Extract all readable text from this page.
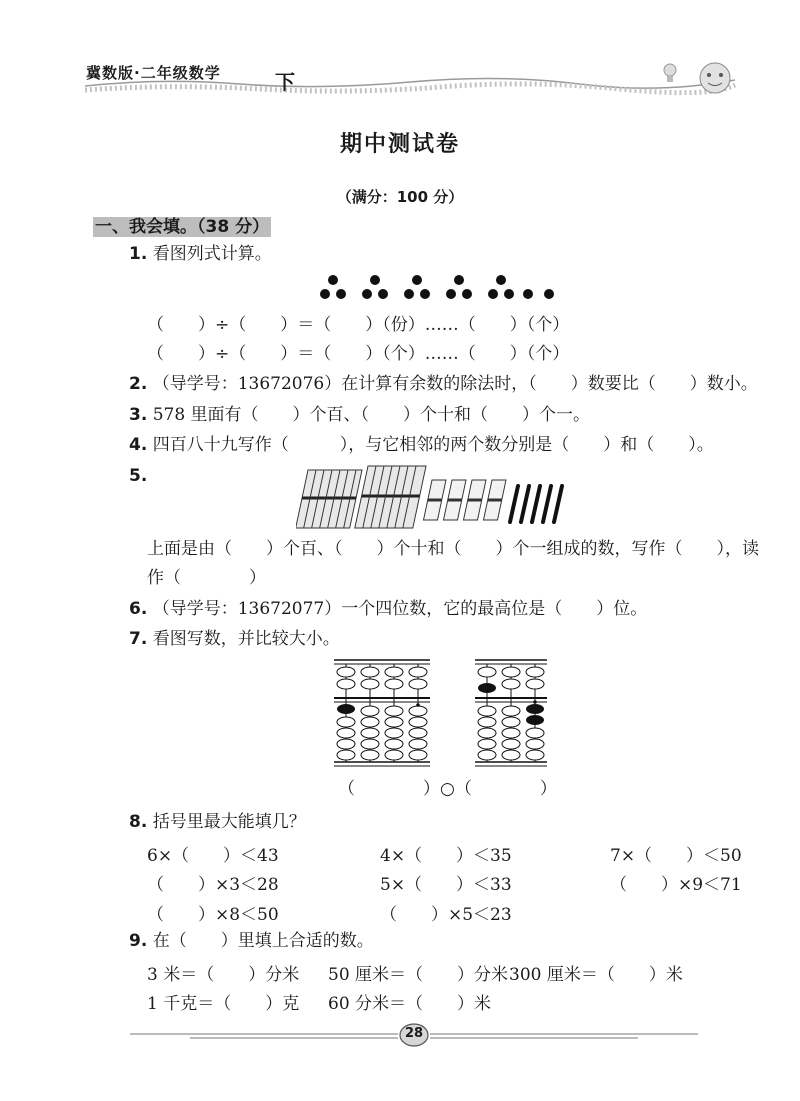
冀数版·二年级数学	下
期中测试卷
（满分：100 分）
一、我会填。（38 分）
1. 看图列式计算。
（　　）÷（　　）＝（　　）（份）……（　　）（个）
（　　）÷（　　）＝（　　）（个）……（　　）（个）
2. （导学号：13672076）在计算有余数的除法时，（　　）数要比（　　）数小。
3. 578 里面有（　　）个百、（　　）个十和（　　）个一。
4. 四百八十九写作（　　　），与它相邻的两个数分别是（　　）和（　　）。
5.
上面是由（　　）个百、（　　）个十和（　　）个一组成的数，写作（　　），读
作（　　　　）
6. （导学号：13672077）一个四位数，它的最高位是（　　）位。
7. 看图写数，并比较大小。
（　　　　）○（　　　　）
8. 括号里最大能填几？
6×（　　）＜43	4×（　　）＜35	7×（　　）＜50
（　　）×3＜28	5×（　　）＜33	（　　）×9＜71
（　　）×8＜50	（　　）×5＜23
9. 在（　　）里填上合适的数。
3 米＝（　　）分米 50 厘米＝（　　）分米 300 厘米＝（　　）米
1 千克＝（　　）克 60 分米＝（　　）米
28
